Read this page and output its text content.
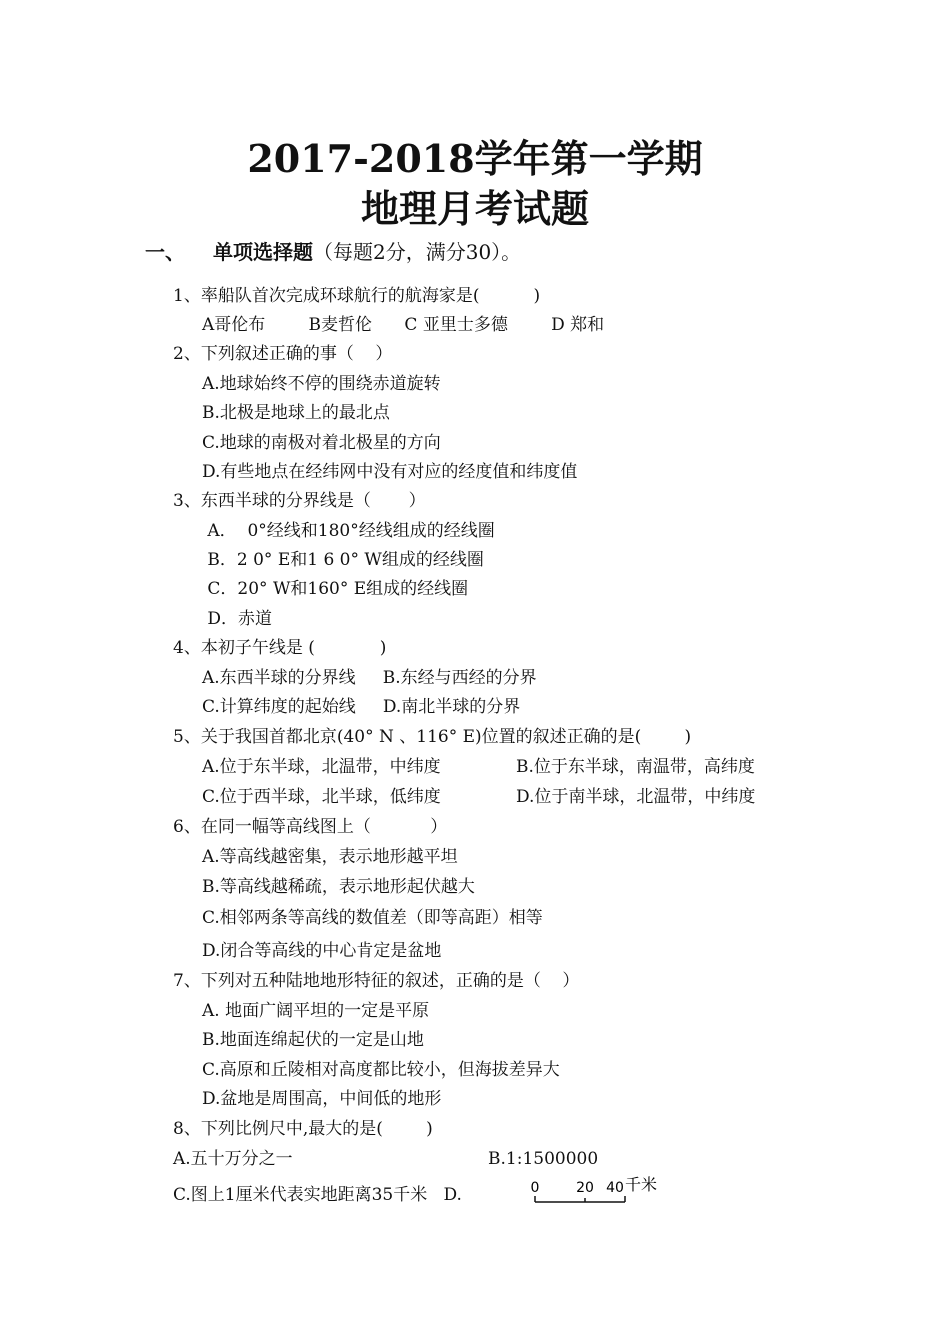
2017-2018学年第一学期
地理月考试题
一、 单项选择题（每题2分，满分30）。
1、率船队首次完成环球航行的航海家是(          )
A哥伦布        B麦哲伦      C 亚里士多德        D 郑和
2、下列叙述正确的事（    ）
A.地球始终不停的围绕赤道旋转
B.北极是地球上的最北点
C.地球的南极对着北极星的方向
D.有些地点在经纬网中没有对应的经度值和纬度值
3、东西半球的分界线是（       ）
A．  0°经线和180°经线组成的经线圈
B．2 0° E和1 6 0° W组成的经线圈
C．20° W和160° E组成的经线圈
D．赤道
4、本初子午线是 (            )
A.东西半球的分界线     B.东经与西经的分界
C.计算纬度的起始线     D.南北半球的分界
5、关于我国首都北京(40° N 、116° E)位置的叙述正确的是(        )
A.位于东半球，北温带，中纬度	B.位于东半球，南温带，高纬度
C.位于西半球，北半球，低纬度	D.位于南半球，北温带，中纬度
6、在同一幅等高线图上（           ）
A.等高线越密集，表示地形越平坦
B.等高线越稀疏，表示地形起伏越大
C.相邻两条等高线的数值差（即等高距）相等
D.闭合等高线的中心肯定是盆地
7、下列对五种陆地地形特征的叙述，正确的是（    ）
A. 地面广阔平坦的一定是平原
B.地面连绵起伏的一定是山地
C.高原和丘陵相对高度都比较小，但海拔差异大
D.盆地是周围高，中间低的地形
8、下列比例尺中,最大的是(        )
A.五十万分之一	B.1:1500000
C.图上1厘米代表实地距离35千米   D.	0	20 40 千米
